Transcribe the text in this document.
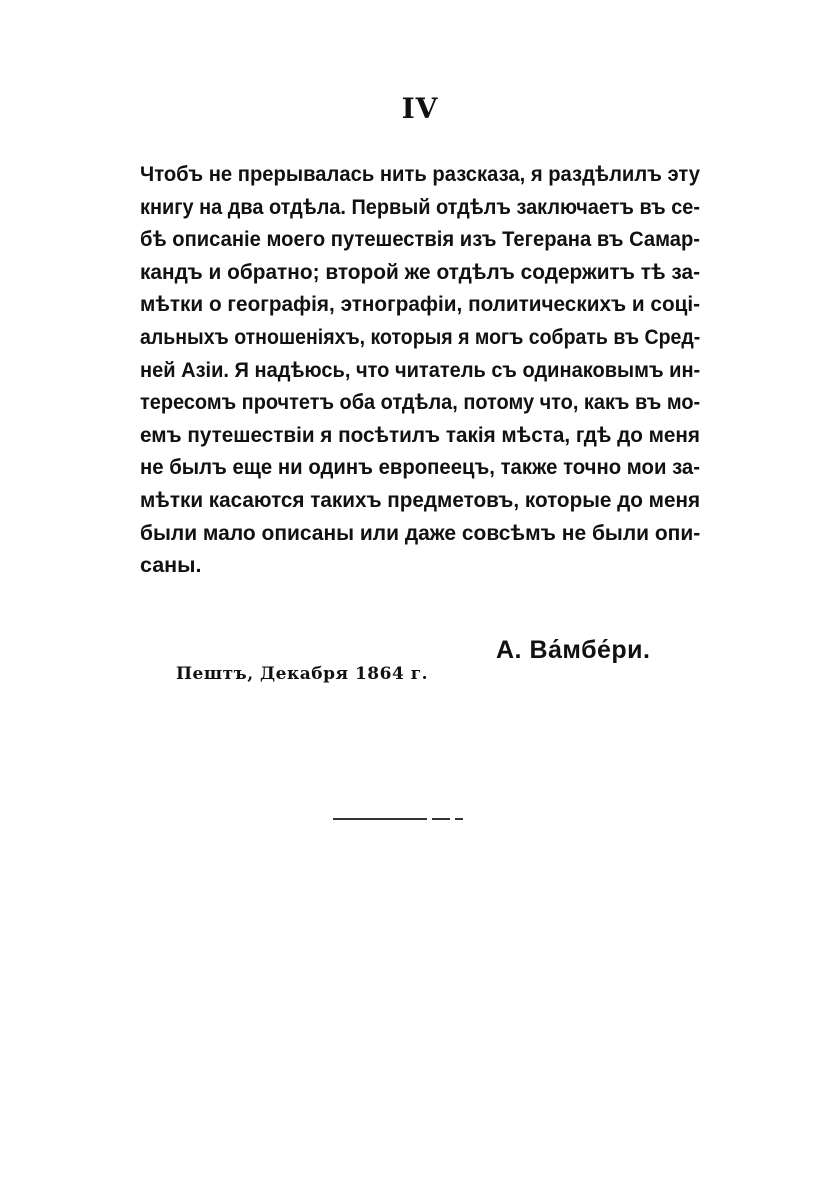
IV
Чтобъ не прерывалась нить разсказа, я раздѣлилъ эту
книгу на два отдѣла. Первый отдѣлъ заключаетъ въ се-
бѣ описаніе моего путешествія изъ Тегерана въ Самар-
кандъ и обратно; второй же отдѣлъ содержитъ тѣ за-
мѣтки о географія, этнографіи, политическихъ и соці-
альныхъ отношеніяхъ, которыя я могъ собрать въ Сред-
ней Азіи. Я надѣюсь, что читатель съ одинаковымъ ин-
тересомъ прочтетъ оба отдѣла, потому что, какъ въ мо-
емъ путешествіи я посѣтилъ такія мѣста, гдѣ до меня
не былъ еще ни одинъ европеецъ, также точно мои за-
мѣтки касаются такихъ предметовъ, которые до меня
были мало описаны или даже совсѣмъ не были опи-
саны.
А. Ва́мбе́ри.
Пештъ, Декабря 1864 г.
